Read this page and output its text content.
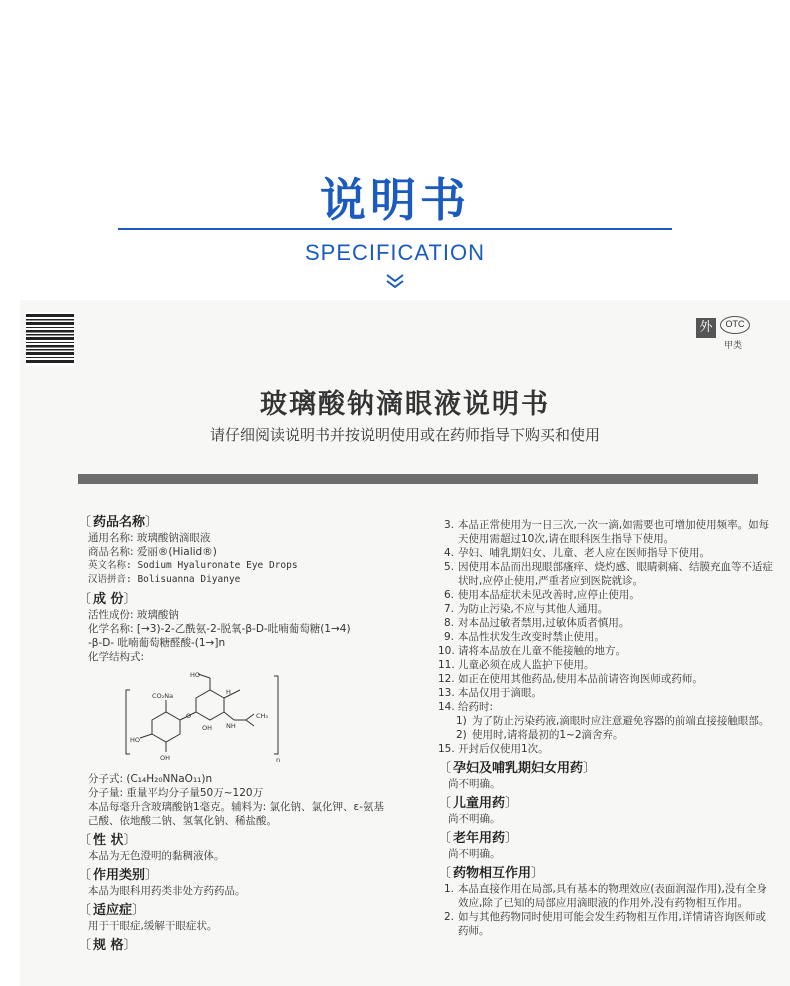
说明书
SPECIFICATION
外	OTC
甲类
玻璃酸钠滴眼液说明书
请仔细阅读说明书并按说明使用或在药师指导下购买和使用
〔 药品名称〕
通用名称: 玻璃酸钠滴眼液
商品名称: 爱丽®(Hialid®)
英文名称: Sodium Hyaluronate Eye Drops
汉语拼音: Bolisuanna Diyanye
〔 成 份〕
活性成份: 玻璃酸钠
化学名称: [→3)-2-乙酰氨-2-脱氧-β-D-吡喃葡萄糖(1→4)
-β-D- 吡喃葡萄糖醛酸-(1→]n
化学结构式:
HO
CO₂Na
HO
OH
OH NH
CH₃
O
H
n
分子式: (C₁₄H₂₀NNaO₁₁)n
分子量: 重量平均分子量50万~120万
本品每毫升含玻璃酸钠1毫克。辅料为: 氯化钠、氯化钾、ε-氨基
己酸、依地酸二钠、氢氧化钠、稀盐酸。
〔 性 状〕
本品为无色澄明的黏稠液体。
〔 作用类别〕
本品为眼科用药类非处方药药品。
〔 适应症〕
用于干眼症,缓解干眼症状。
〔 规 格〕
3. 本品正常使用为一日三次,一次一滴,如需要也可增加使用频率。如每天使用需超过10次,请在眼科医生指导下使用。
4. 孕妇、哺乳期妇女、儿童、老人应在医师指导下使用。
5. 因使用本品而出现眼部瘙痒、烧灼感、眼睛刺痛、结膜充血等不适症状时,应停止使用,严重者应到医院就诊。
6. 使用本品症状未见改善时,应停止使用。
7. 为防止污染,不应与其他人通用。
8. 对本品过敏者禁用,过敏体质者慎用。
9. 本品性状发生改变时禁止使用。
10. 请将本品放在儿童不能接触的地方。
11. 儿童必须在成人监护下使用。
12. 如正在使用其他药品,使用本品前请咨询医师或药师。
13. 本品仅用于滴眼。
14. 给药时:
1) 为了防止污染药液,滴眼时应注意避免容器的前端直接接触眼部。
2) 使用时,请将最初的1~2滴舍弃。
15. 开封后仅使用1次。
〔 孕妇及哺乳期妇女用药〕
尚不明确。
〔 儿童用药〕
尚不明确。
〔 老年用药〕
尚不明确。
〔 药物相互作用〕
1. 本品直接作用在局部,具有基本的物理效应(表面润湿作用),没有全身效应,除了已知的局部应用滴眼液的作用外,没有药物相互作用。
2. 如与其他药物同时使用可能会发生药物相互作用,详情请咨询医师或药师。
